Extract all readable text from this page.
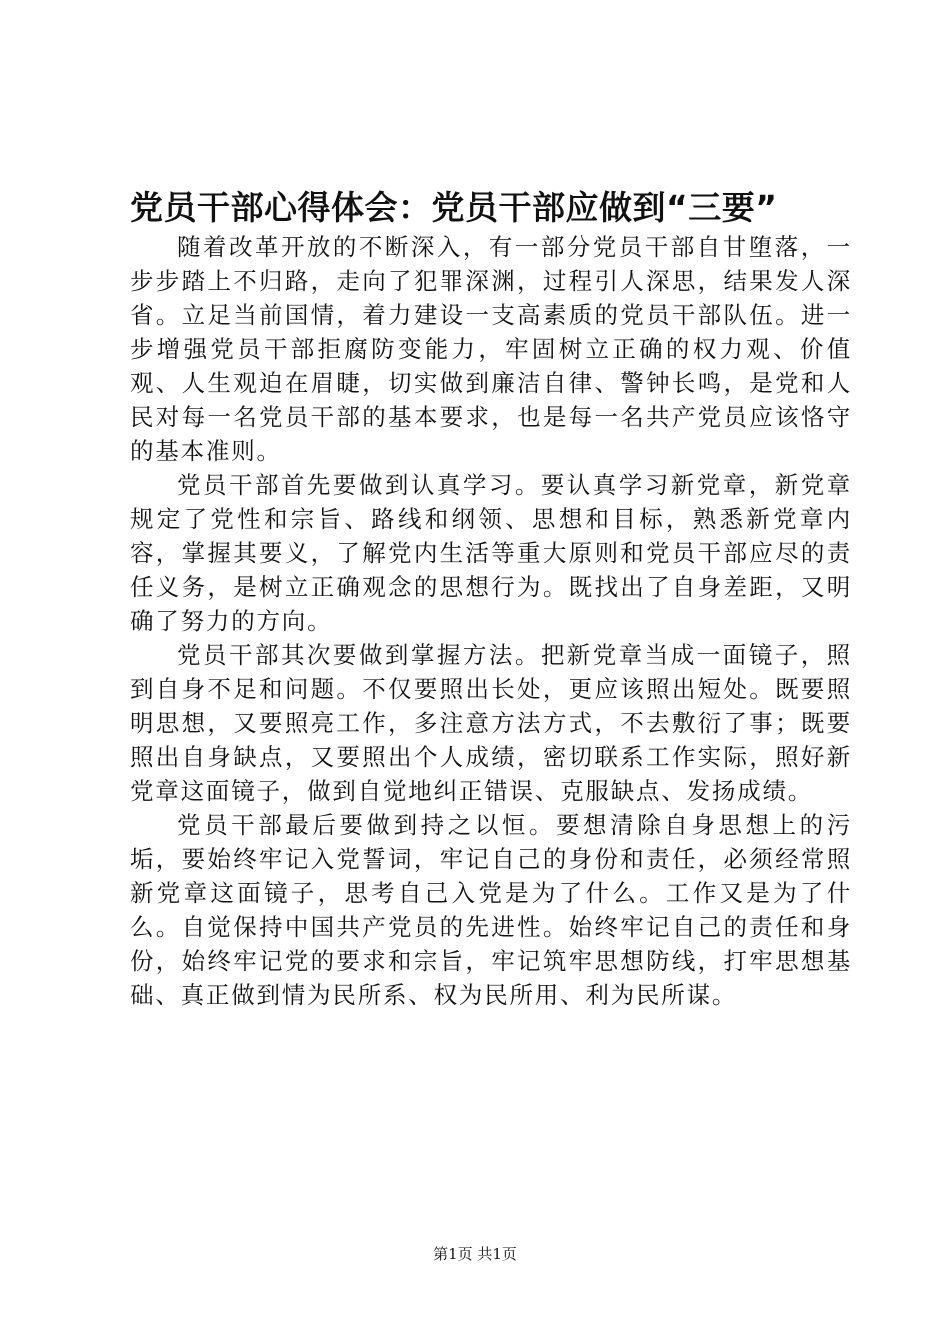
党员干部心得体会：党员干部应做到“三要”

随着改革开放的不断深入，有一部分党员干部自甘堕落，一步步踏上不归路，走向了犯罪深渊，过程引人深思，结果发人深省。立足当前国情，着力建设一支高素质的党员干部队伍。进一步增强党员干部拒腐防变能力，牢固树立正确的权力观、价值观、人生观迫在眉睫，切实做到廉洁自律、警钟长鸣，是党和人民对每一名党员干部的基本要求，也是每一名共产党员应该恪守的基本准则。

党员干部首先要做到认真学习。要认真学习新党章，新党章规定了党性和宗旨、路线和纲领、思想和目标，熟悉新党章内容，掌握其要义，了解党内生活等重大原则和党员干部应尽的责任义务，是树立正确观念的思想行为。既找出了自身差距，又明确了努力的方向。

党员干部其次要做到掌握方法。把新党章当成一面镜子，照到自身不足和问题。不仅要照出长处，更应该照出短处。既要照明思想，又要照亮工作，多注意方法方式，不去敷衍了事；既要照出自身缺点，又要照出个人成绩，密切联系工作实际，照好新党章这面镜子，做到自觉地纠正错误、克服缺点、发扬成绩。

党员干部最后要做到持之以恒。要想清除自身思想上的污垢，要始终牢记入党誓词，牢记自己的身份和责任，必须经常照新党章这面镜子，思考自己入党是为了什么。工作又是为了什么。自觉保持中国共产党员的先进性。始终牢记自己的责任和身份，始终牢记党的要求和宗旨，牢记筑牢思想防线，打牢思想基础、真正做到情为民所系、权为民所用、利为民所谋。

第1页 共1页
